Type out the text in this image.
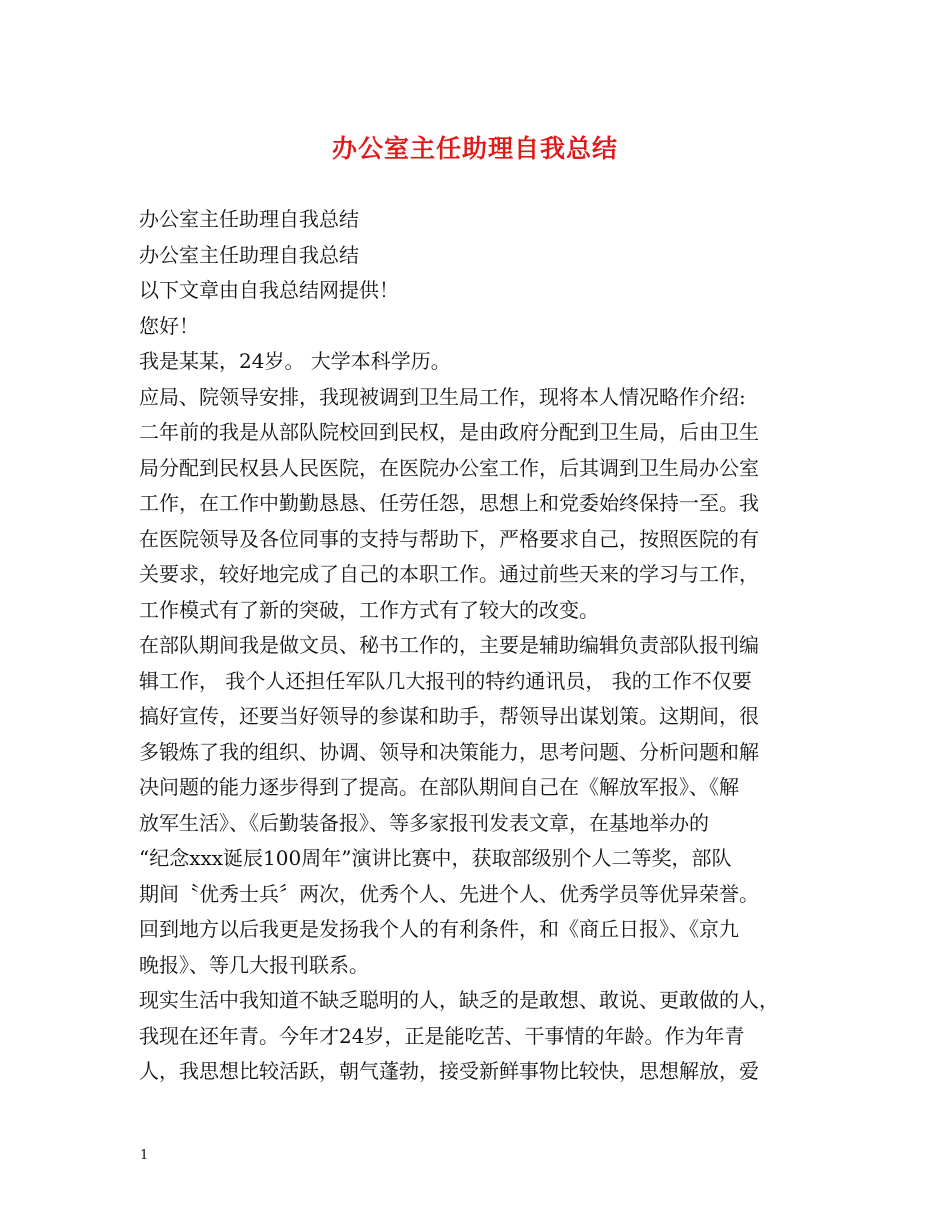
办公室主任助理自我总结
办公室主任助理自我总结
办公室主任助理自我总结
以下文章由自我总结网提供！
您好！
我是某某，24岁。 大学本科学历。
应局、院领导安排，我现被调到卫生局工作，现将本人情况略作介绍:
二年前的我是从部队院校回到民权，是由政府分配到卫生局，后由卫生
局分配到民权县人民医院，在医院办公室工作，后其调到卫生局办公室
工作，在工作中勤勤恳恳、任劳任怨，思想上和党委始终保持一至。我
在医院领导及各位同事的支持与帮助下，严格要求自己，按照医院的有
关要求，较好地完成了自己的本职工作。通过前些天来的学习与工作，
工作模式有了新的突破，工作方式有了较大的改变。
在部队期间我是做文员、秘书工作的，主要是辅助编辑负责部队报刊编
辑工作， 我个人还担任军队几大报刊的特约通讯员， 我的工作不仅要
搞好宣传，还要当好领导的参谋和助手，帮领导出谋划策。这期间，很
多锻炼了我的组织、协调、领导和决策能力，思考问题、分析问题和解
决问题的能力逐步得到了提高。在部队期间自己在《解放军报》、《解
放军生活》、《后勤装备报》、等多家报刊发表文章，在基地举办的
“纪念xxx诞辰100周年”演讲比赛中，获取部级别个人二等奖，部队
期间〝优秀士兵〞两次，优秀个人、先进个人、优秀学员等优异荣誉。
回到地方以后我更是发扬我个人的有利条件，和《商丘日报》、《京九
晚报》、等几大报刊联系。
现实生活中我知道不缺乏聪明的人，缺乏的是敢想、敢说、更敢做的人，
我现在还年青。今年才24岁，正是能吃苦、干事情的年龄。作为年青
人，我思想比较活跃，朝气蓬勃，接受新鲜事物比较快，思想解放，爱
1
